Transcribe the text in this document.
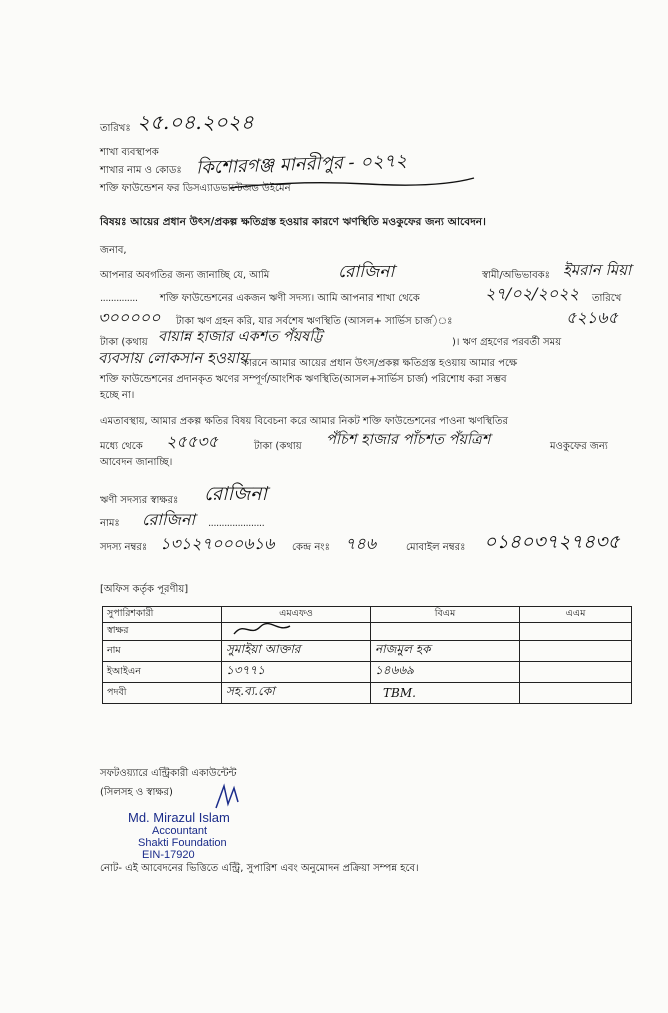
তারিখঃ ২৫.০৪.২০২৪
শাখা ব্যবস্থাপক
শাখার নাম ও কোডঃ কিশোরগঞ্জ মানরীপুর - ০২৭২
শক্তি ফাউন্ডেশন ফর ডিসএ্যাডভান্টেজড উইমেন
বিষয়ঃ আয়ের প্রধান উৎস/প্রকল্প ক্ষতিগ্রস্ত হওয়ার কারণে ঋণস্থিতি মওকুফের জন্য আবেদন।
জনাব,
আপনার অবগতির জন্য জানাচ্ছি যে, আমি	রোজিনা	স্বামী/অভিভাবকঃ ইমরান মিয়া
.............. শক্তি ফাউন্ডেশনের একজন ঋণী সদস্য। আমি আপনার শাখা থেকে	২৭/০২/২০২২ তারিখে
৩০০০০০ টাকা ঋণ গ্রহন করি, যার সর্বশেষ ঋণস্থিতি (আসল+ সার্ভিস চার্জ)ঃ	৫২১৬৫
টাকা (কথায় বায়ান্ন হাজার একশত পঁয়ষট্টি	)। ঋণ গ্রহণের পরবর্তী সময়
ব্যবসায় লোকসান হওয়ায়
কারনে আমার আয়ের প্রধান উৎস/প্রকল্প ক্ষতিগ্রস্ত হওয়ায় আমার পক্ষে
শক্তি ফাউন্ডেশনের প্রদানকৃত ঋণের সম্পূর্ণ/আংশিক ঋণস্থিতি(আসল+সার্ভিস চার্জ) পরিশোধ করা সম্ভব
হচ্ছে না।
এমতাবস্থায়, আমার প্রকল্প ক্ষতির বিষয় বিবেচনা করে আমার নিকট শক্তি ফাউন্ডেশনের পাওনা ঋণস্থিতির
মধ্যে থেকে ২৫৫৩৫	টাকা (কথায় পঁচিশ হাজার পাঁচশত পঁয়ত্রিশ	মওকুফের জন্য
আবেদন জানাচ্ছি।
ঋণী সদস্যর স্বাক্ষরঃ রোজিনা
নামঃ রোজিনা .....................
সদস্য নম্বরঃ ১৩১২৭০০০৬১৬ কেন্দ্র নংঃ ৭৪৬	মোবাইল নম্বরঃ ০১৪০৩৭২৭৪৩৫
[অফিস কর্তৃক পূরণীয়]
সুপারিশকারী	এমএফও	বিএম	এএম
স্বাক্ষর			
নাম	সুমাইয়া আক্তার	নাজমুল হক	
ইআইএন	১৩৭৭১	১৪৬৬৯	
পদবী	সহ.ব্য.কো	TBM.	
সফটওয়্যারে এন্ট্রিকারী একাউন্টেন্ট
(সিলসহ ও স্বাক্ষর)
Md. Mirazul Islam
Accountant
Shakti Foundation
EIN-17920
নোট- এই আবেদনের ভিত্তিতে এন্ট্রি, সুপারিশ এবং অনুমোদন প্রক্রিয়া সম্পন্ন হবে।
